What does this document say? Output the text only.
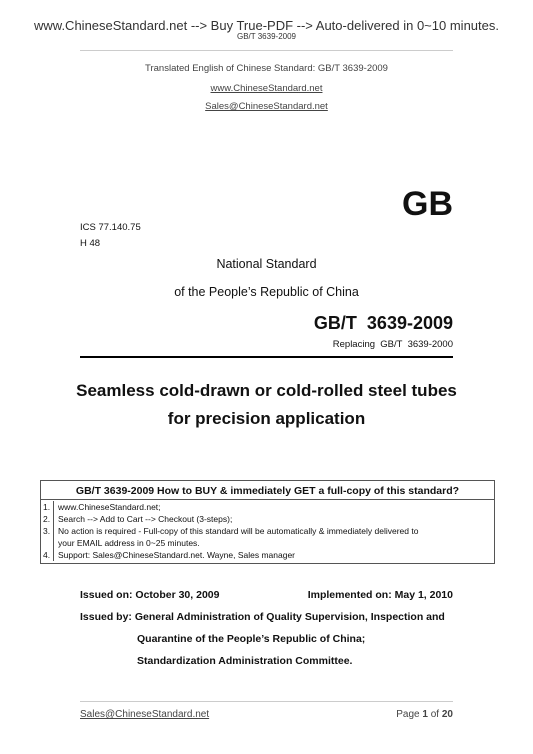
www.ChineseStandard.net --> Buy True-PDF --> Auto-delivered in 0~10 minutes.
GB/T 3639-2009
Translated English of Chinese Standard: GB/T 3639-2009
www.ChineseStandard.net
Sales@ChineseStandard.net
GB
ICS 77.140.75
H 48
National Standard
of the People’s Republic of China
GB/T  3639-2009
Replacing  GB/T  3639-2000
Seamless cold-drawn or cold-rolled steel tubes
for precision application
GB/T 3639-2009 How to BUY & immediately GET a full-copy of this standard?
1. www.ChineseStandard.net;
2. Search --> Add to Cart --> Checkout (3-steps);
3. No action is required - Full-copy of this standard will be automatically & immediately delivered to
your EMAIL address in 0~25 minutes.
4. Support: Sales@ChineseStandard.net. Wayne, Sales manager
Issued on: October 30, 2009	Implemented on: May 1, 2010
Issued by: General Administration of Quality Supervision, Inspection and
Quarantine of the People’s Republic of China;
Standardization Administration Committee.
Sales@ChineseStandard.net	Page 1 of 20
